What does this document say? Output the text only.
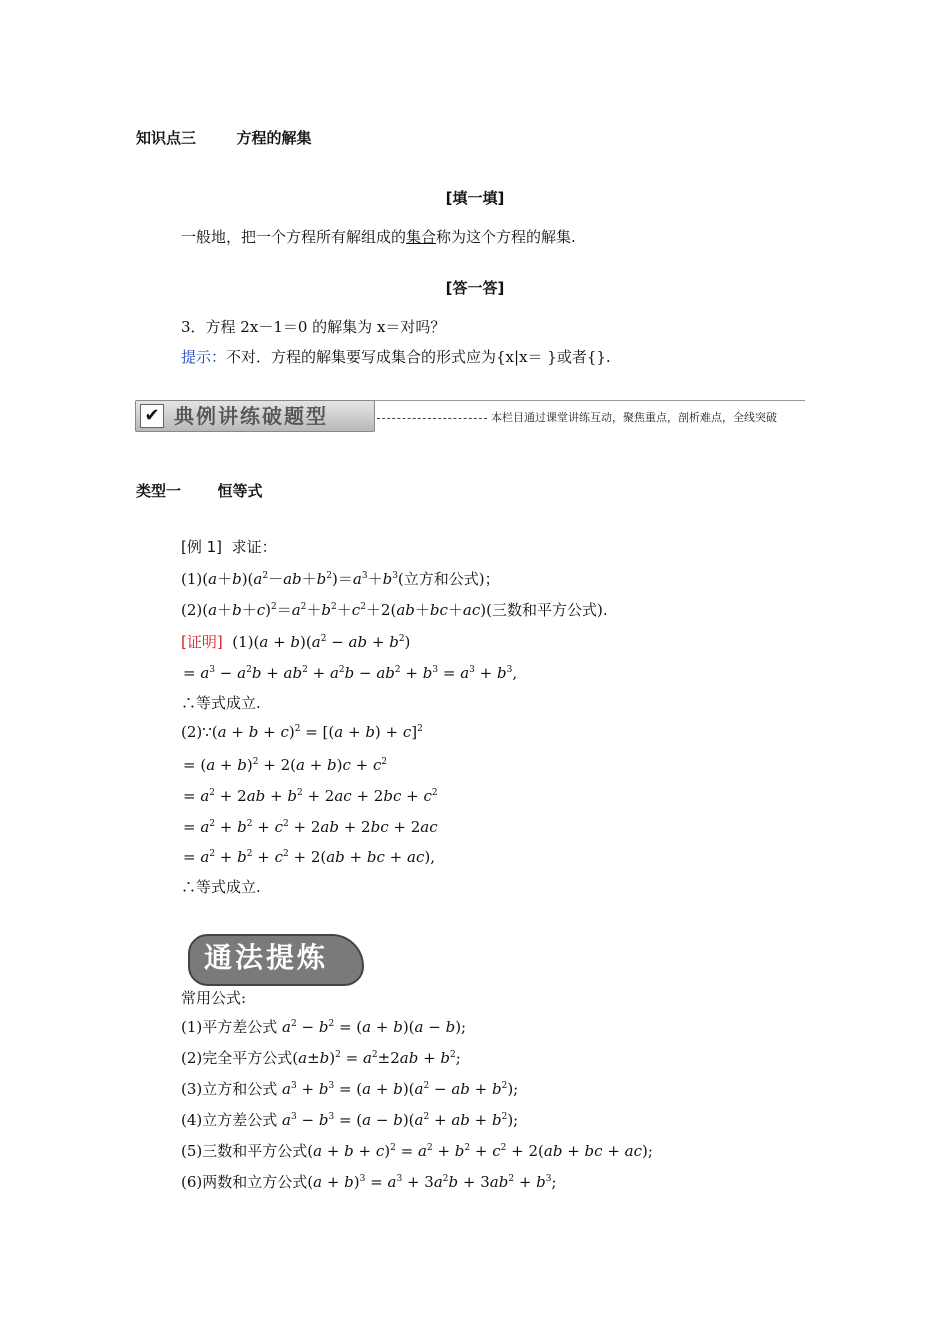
知识点三	方程的解集
[填一填]
一般地，把一个方程所有解组成的集合称为这个方程的解集.
[答一答]
3．方程 2x－1＝0 的解集为 x＝对吗？
提示：不对．方程的解集要写成集合的形式应为{x|x＝ }或者{}.
✔ 典例讲练破题型	本栏目通过课堂讲练互动，聚焦重点，剖析难点，全线突破
类型一 恒等式
[例 1] 求证：
$(1)(a+b)(a^2-ab+b^2)=a^3+b^3$(立方和公式)；
$(2)(a+b+c)^2=a^2+b^2+c^2+2(ab+bc+ac)$(三数和平方公式).
[证明]  $(1)(a + b)(a^2$ − ab + $b^2$)
= $a^3 - a^2b + ab^2 + a^2b - ab^2 + b^3 = a^3 + b^3$,
∴等式成立.
(2)∵(a + $b + c)^2 = [(a + b) + c]^2$
= $(a + b)^2 + 2(a + b)c + c^2$
= $a^2 + 2ab + b^2 + 2ac + 2bc + c^2$
= $a^2 + b^2 + c^2 + 2ab + 2bc + 2ac$
= $a^2 + b^2 + c^2 + 2(ab$ + bc + ac),
∴等式成立.
通法提炼
常用公式:
(1)平方差公式 $a^2 - b^2 = (a + b)(a - b)$;
(2)完全平方公式$(a\pm b)^2 = a^2\pm 2ab + b^2$;
(3)立方和公式 $a^3 + b^3 = (a + b)(a^2$ − ab + $b^2$);
(4)立方差公式 $a^3 - b^3 = (a - b)(a^2$ + ab + $b^2$);
(5)三数和平方公式$(a + b + c)^2 = a^2 + b^2 + c^2 + 2(ab$ + bc + ac);
(6)两数和立方公式$(a + b)^3 = a^3 + 3a^2b + 3ab^2 + b^3$;
